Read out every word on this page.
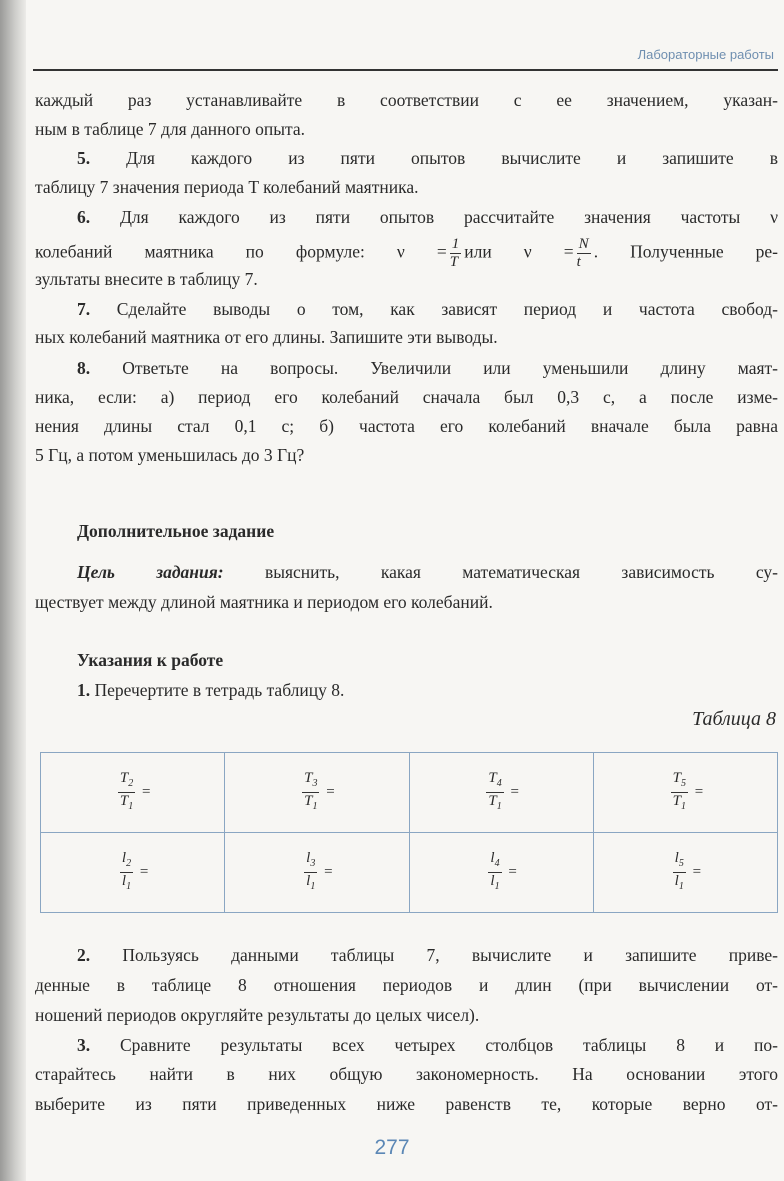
Лабораторные работы
каждый раз устанавливайте в соответствии с ее значением, указан-
ным в таблице 7 для данного опыта.
5. Для каждого из пяти опытов вычислите и запишите в
таблицу 7 значения периода T колебаний маятника.
6. Для каждого из пяти опытов рассчитайте значения частоты ν
колебаний маятника по формуле: $\nu = \frac{1}{T}$ или $\nu = \frac{N}{t}$ . Полученные ре-
зультаты внесите в таблицу 7.
7. Сделайте выводы о том, как зависят период и частота свобод-
ных колебаний маятника от его длины. Запишите эти выводы.
8. Ответьте на вопросы. Увеличили или уменьшили длину маят-
ника, если: а) период его колебаний сначала был 0,3 с, а после изме-
нения длины стал 0,1 с; б) частота его колебаний вначале была равна
5 Гц, а потом уменьшилась до 3 Гц?
Дополнительное задание
Цель задания: выяснить, какая математическая зависимость су-
ществует между длиной маятника и периодом его колебаний.
Указания к работе
1. Перечертите в тетрадь таблицу 8.
Таблица 8
$\frac{T_2}{T_1}$ =	$\frac{T_3}{T_1}$ =	$\frac{T_4}{T_1}$ =	$\frac{T_5}{T_1}$ =

$\frac{l_2}{l_1}$ =	$\frac{l_3}{l_1}$ =	$\frac{l_4}{l_1}$ =	$\frac{l_5}{l_1}$ =
2. Пользуясь данными таблицы 7, вычислите и запишите приве-
денные в таблице 8 отношения периодов и длин (при вычислении от-
ношений периодов округляйте результаты до целых чисел).
3. Сравните результаты всех четырех столбцов таблицы 8 и по-
старайтесь найти в них общую закономерность. На основании этого
выберите из пяти приведенных ниже равенств те, которые верно от-
277
